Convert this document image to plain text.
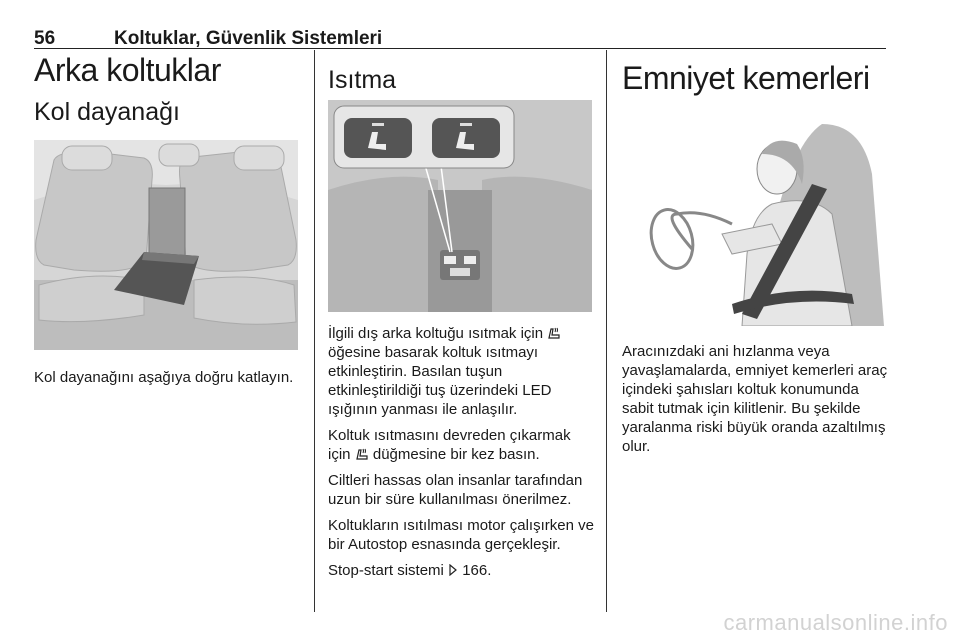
56	Koltuklar, Güvenlik Sistemleri
Arka koltuklar
Kol dayanağı

Kol dayanağını aşağıya doğru katlayın.

Isıtma

İlgili dış arka koltuğu ısıtmak için  öğesine basarak koltuk ısıtmayı etkinleştirin. Basılan tuşun etkinleştirildiği tuş üzerindeki LED ışığının yanması ile anlaşılır.

Koltuk ısıtmasını devreden çıkarmak için düğmesine bir kez basın.

Ciltleri hassas olan insanlar tarafından uzun bir süre kullanılması önerilmez.

Koltukların ısıtılması motor çalışırken ve bir Autostop esnasında gerçekleşir.

Stop-start sistemi 166.

Emniyet kemerleri

Aracınızdaki ani hızlanma veya yavaşlamalarda, emniyet kemerleri araç içindeki şahısları koltuk konumunda sabit tutmak için kilitlenir. Bu şekilde yaralanma riski büyük oranda azaltılmış olur.

carmanualsonline.info
